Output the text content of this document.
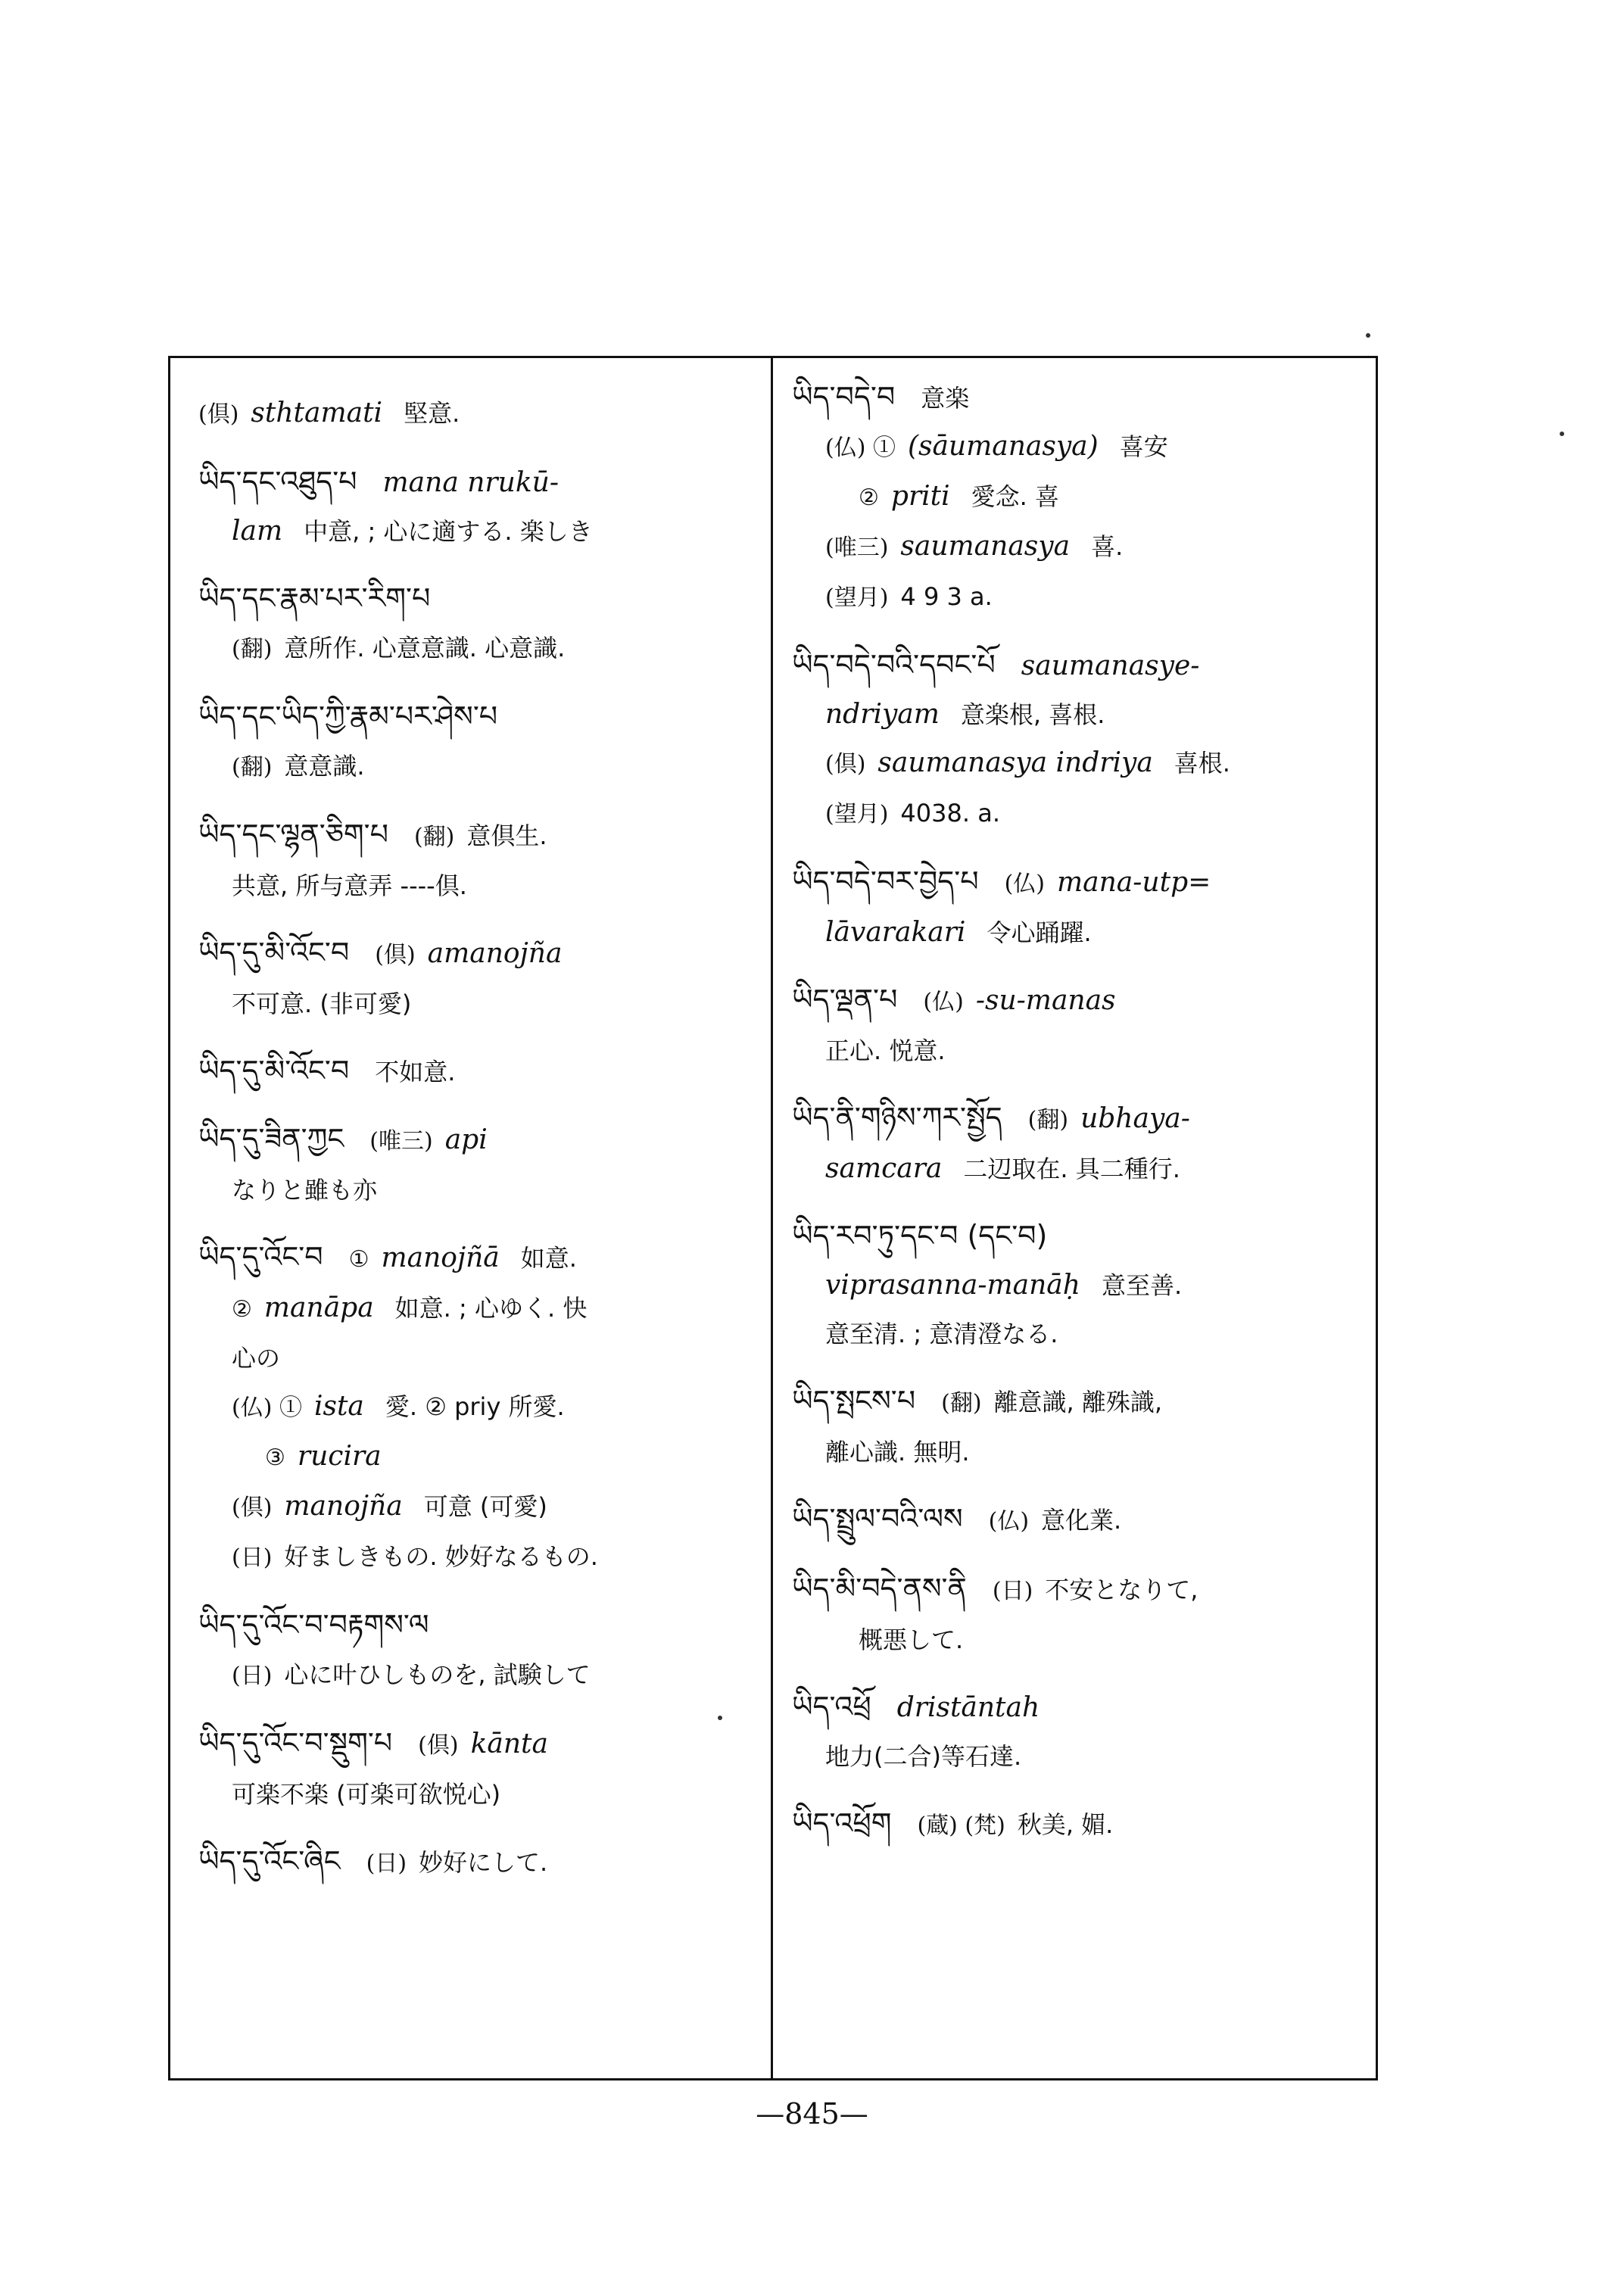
(倶) sthtamati 堅意.
ཡིད་དང་འཐུད་པ mana nrukū-
lam 中意, ; 心に適する. 楽しき
ཡིད་དང་རྣམ་པར་རིག་པ
(翻) 意所作. 心意意識. 心意識.
ཡིད་དང་ཡིད་ཀྱི་རྣམ་པར་ཤེས་པ
(翻) 意意識.
ཡིད་དང་ལྷན་ཅིག་པ (翻) 意倶生.
共意, 所与意弄 ----倶.
ཡིད་དུ་མི་འོང་བ (倶) amanojña
不可意. (非可愛)
ཡིད་དུ་མི་འོང་བ 不如意.
ཡིད་དུ་ཟིན་ཀྱང (唯三) api
なりと雖も亦
ཡིད་དུ་འོང་བ ① manojñā 如意.
② manāpa 如意. ; 心ゆく. 快
心の
(仏) ① ista 愛. ② priy 所愛.
③ rucira
(倶) manojña 可意 (可愛)
(日) 好ましきもの. 妙好なるもの.
ཡིད་དུ་འོང་བ་བརྟགས་ལ
(日) 心に叶ひしものを, 試験して
ཡིད་དུ་འོང་བ་སྡུག་པ (倶) kānta
可楽不楽 (可楽可欲悦心)
ཡིད་དུ་འོང་ཞིང (日) 妙好にして.
ཡིད་བདེ་བ 意楽
(仏) ① (sāumanasya) 喜安
② priti 愛念. 喜
(唯三) saumanasya 喜.
(望月) 4 9 3 a.
ཡིད་བདེ་བའི་དབང་པོ saumanasye-
ndriyam 意楽根, 喜根.
(倶) saumanasya indriya 喜根.
(望月) 4038. a.
ཡིད་བདེ་བར་བྱེད་པ (仏) mana-utp=
lāvarakari 令心踊躍.
ཡིད་ལྡན་པ (仏) -su-manas
正心. 悦意.
ཡིད་ནི་གཉིས་ཀར་སྤྱོད (翻) ubhaya-
samcara 二辺取在. 具二種行.
ཡིད་རབ་ཏུ་དང་བ (དང་བ)
viprasanna-manāḥ 意至善.
意至清. ; 意清澄なる.
ཡིད་སྤངས་པ (翻) 離意識, 離殊識,
離心識. 無明.
ཡིད་སྤྲུལ་བའི་ལས (仏) 意化業.
ཡིད་མི་བདེ་ནས་ནི (日) 不安となりて,
概悪して.
ཡིད་འཕྲོ dristāntah
地力(二合)等石達.
ཡིད་འཕྲོག (蔵) (梵) 秋美, 媚.
—845—
